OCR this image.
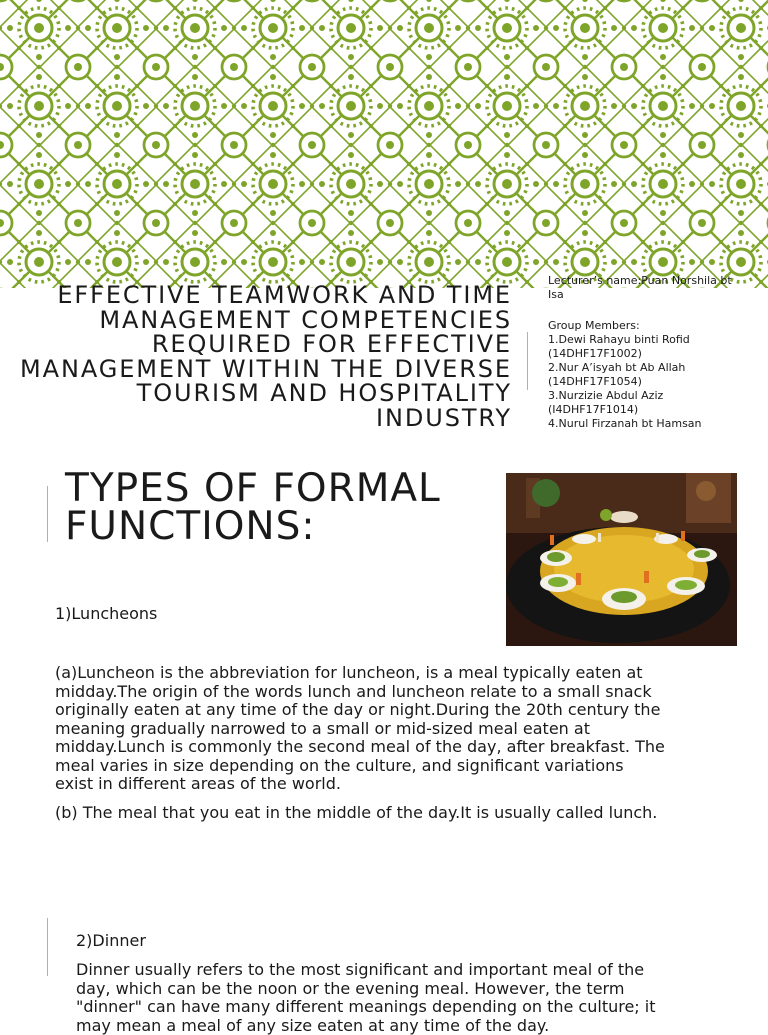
EFFECTIVE TEAMWORK AND TIME MANAGEMENT COMPETENCIES REQUIRED FOR EFFECTIVE MANAGEMENT WITHIN THE DIVERSE TOURISM AND HOSPITALITY INDUSTRY

Lecturer’s name:Puan Norshila bt Isa

Group Members:

1.Dewi Rahayu binti Rofid (14DHF17F1002)
2.Nur A’isyah bt Ab Allah (14DHF17F1054)
3.Nurzizie Abdul Aziz (I4DHF17F1014)
4.Nurul Firzanah bt Hamsan
TYPES OF FORMAL FUNCTIONS:

1)Luncheons

(a)Luncheon is the abbreviation for luncheon, is a meal typically eaten at midday.The origin of the words lunch and luncheon relate to a small snack originally eaten at any time of the day or night.During the 20th century the meaning gradually narrowed to a small or mid-sized meal eaten at midday.Lunch is commonly the second meal of the day, after breakfast. The meal varies in size depending on the culture, and significant variations exist in different areas of the world.

(b) The meal that you eat in the middle of the day.It is usually called lunch.

2)Dinner

Dinner usually refers to the most significant and important meal of the day, which can be the noon or the evening meal. However, the term "dinner" can have many different meanings depending on the culture; it may mean a meal of any size eaten at any time of the day.
